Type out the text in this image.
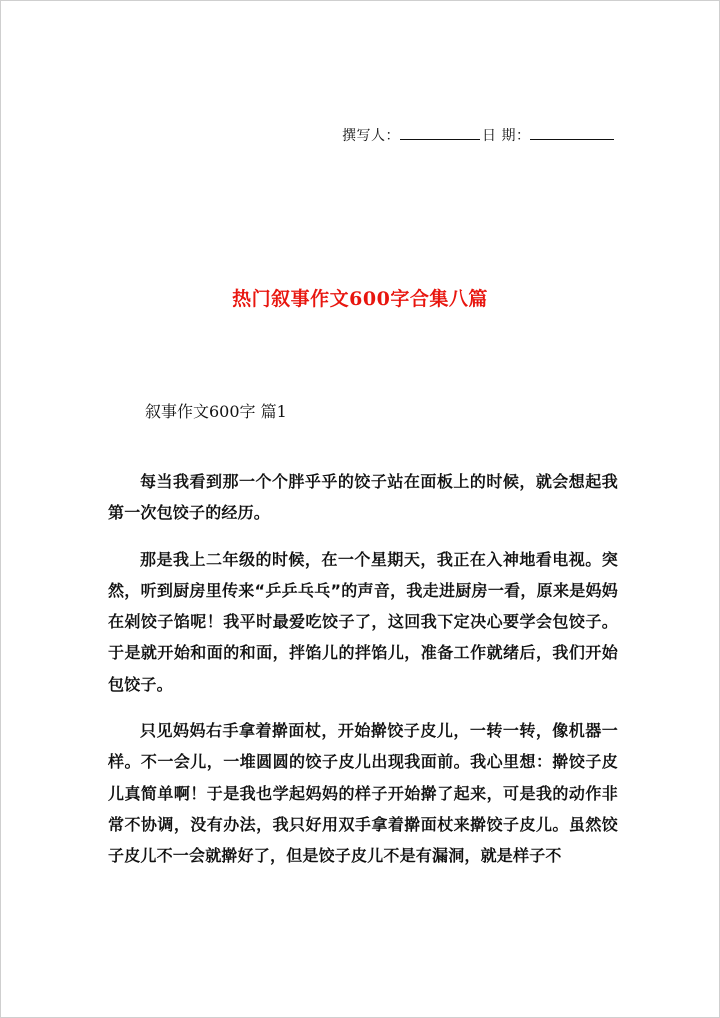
撰写人：	日 期：
热门叙事作文600字合集八篇
叙事作文600字 篇1

每当我看到那一个个胖乎乎的饺子站在面板上的时候，就会想起我第一次包饺子的经历。

那是我上二年级的时候，在一个星期天，我正在入神地看电视。突然，听到厨房里传来“乒乒乓乓”的声音，我走进厨房一看，原来是妈妈在剁饺子馅呢！我平时最爱吃饺子了，这回我下定决心要学会包饺子。于是就开始和面的和面，拌馅儿的拌馅儿，准备工作就绪后，我们开始包饺子。

只见妈妈右手拿着擀面杖，开始擀饺子皮儿，一转一转，像机器一样。不一会儿，一堆圆圆的饺子皮儿出现我面前。我心里想：擀饺子皮儿真简单啊！于是我也学起妈妈的样子开始擀了起来，可是我的动作非常不协调，没有办法，我只好用双手拿着擀面杖来擀饺子皮儿。虽然饺子皮儿不一会就擀好了，但是饺子皮儿不是有漏洞，就是样子不
